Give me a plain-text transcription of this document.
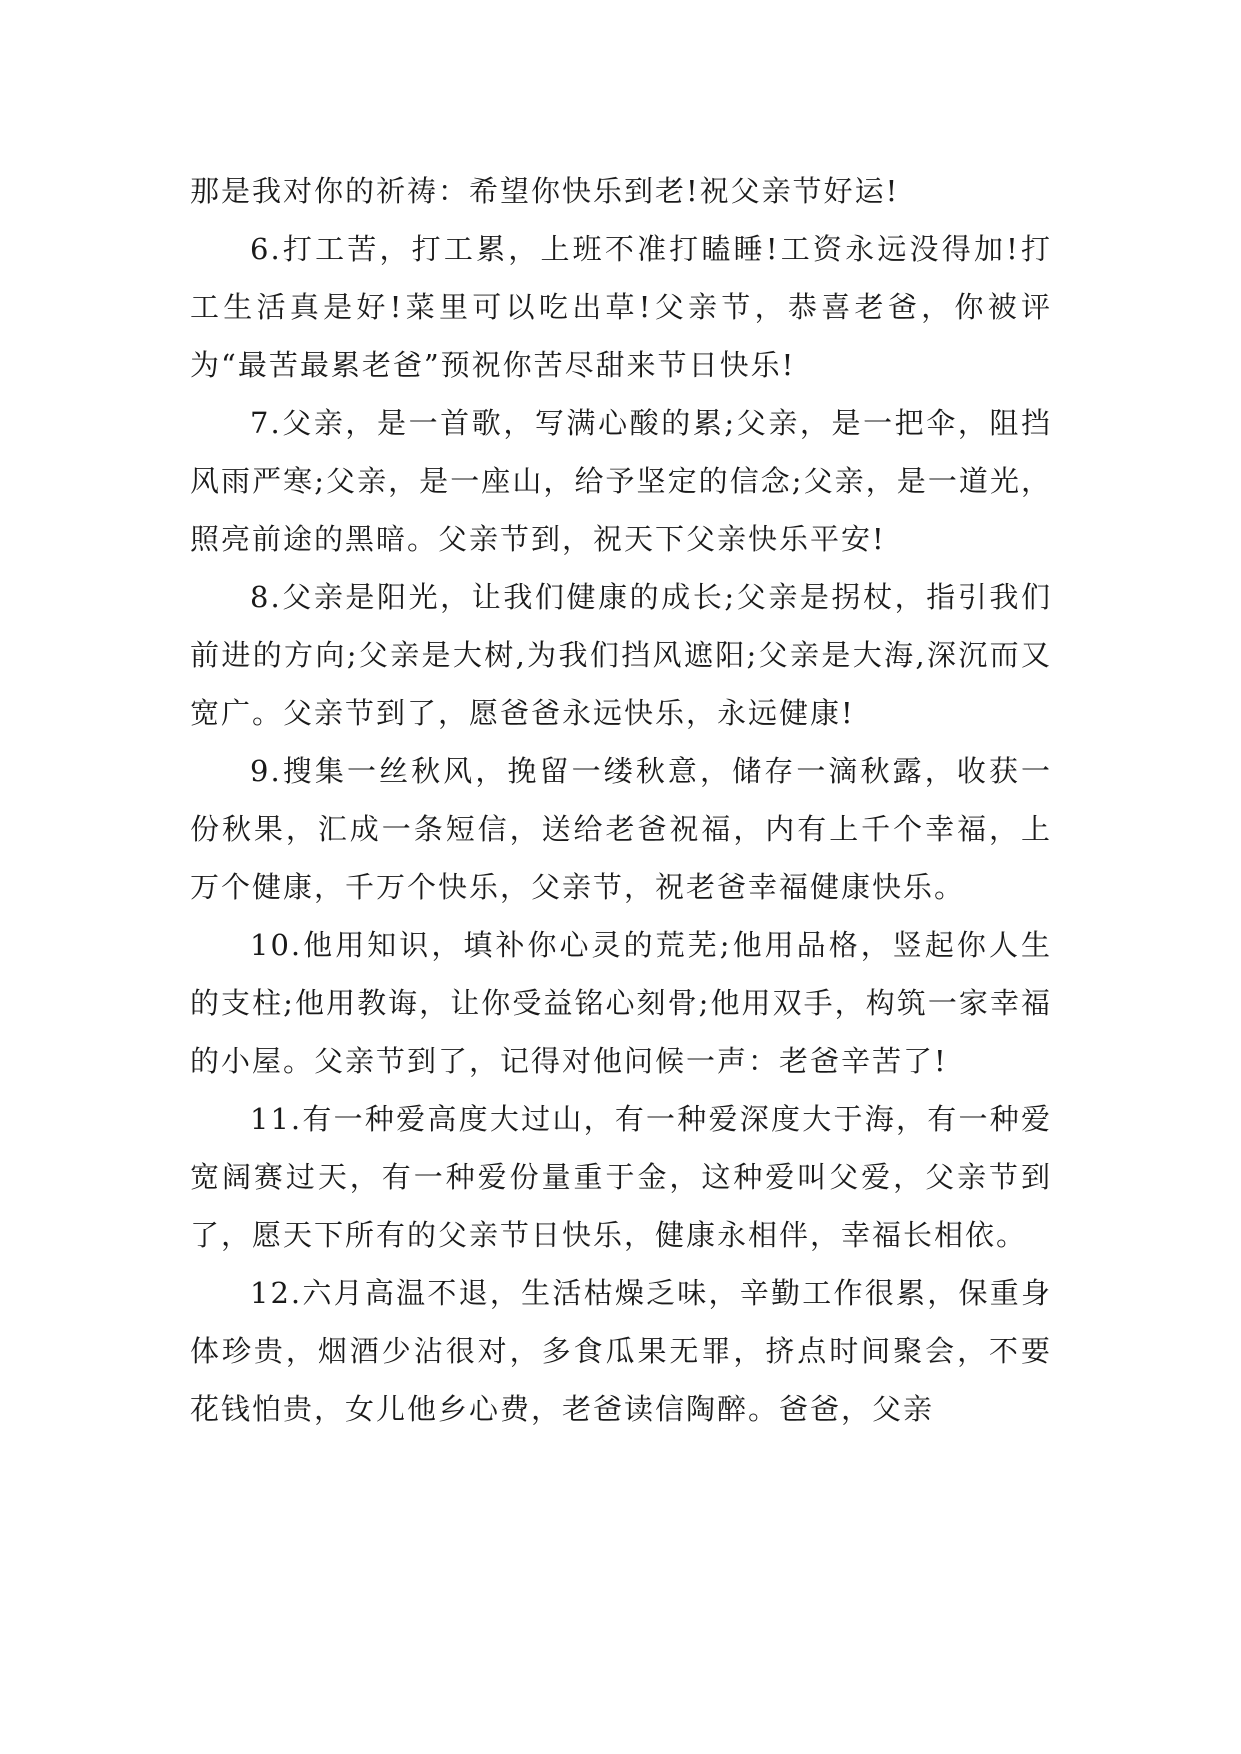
那是我对你的祈祷：希望你快乐到老!祝父亲节好运!

6.打工苦，打工累，上班不准打瞌睡!工资永远没得加!打工生活真是好!菜里可以吃出草!父亲节，恭喜老爸，你被评为“最苦最累老爸”预祝你苦尽甜来节日快乐!

7.父亲，是一首歌，写满心酸的累;父亲，是一把伞，阻挡风雨严寒;父亲，是一座山，给予坚定的信念;父亲，是一道光，照亮前途的黑暗。父亲节到，祝天下父亲快乐平安!

8.父亲是阳光，让我们健康的成长;父亲是拐杖，指引我们前进的方向;父亲是大树,为我们挡风遮阳;父亲是大海,深沉而又宽广。父亲节到了，愿爸爸永远快乐，永远健康!

9.搜集一丝秋风，挽留一缕秋意，储存一滴秋露，收获一份秋果，汇成一条短信，送给老爸祝福，内有上千个幸福，上万个健康，千万个快乐，父亲节，祝老爸幸福健康快乐。

10.他用知识，填补你心灵的荒芜;他用品格，竖起你人生的支柱;他用教诲，让你受益铭心刻骨;他用双手，构筑一家幸福的小屋。父亲节到了，记得对他问候一声：老爸辛苦了!

11.有一种爱高度大过山，有一种爱深度大于海，有一种爱宽阔赛过天，有一种爱份量重于金，这种爱叫父爱，父亲节到了，愿天下所有的父亲节日快乐，健康永相伴，幸福长相依。

12.六月高温不退，生活枯燥乏味，辛勤工作很累，保重身体珍贵，烟酒少沾很对，多食瓜果无罪，挤点时间聚会，不要花钱怕贵，女儿他乡心费，老爸读信陶醉。爸爸，父亲
